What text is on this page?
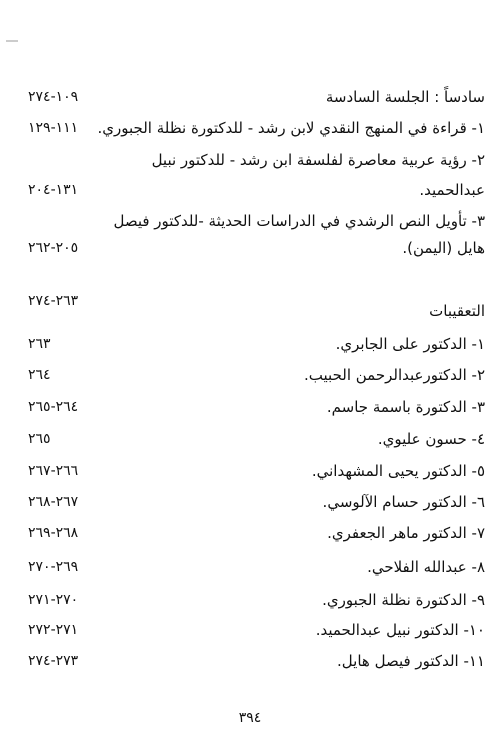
سادساً : الجلسة السادسة
١٠٩-٢٧٤
١- قراءة في المنهج النقدي لابن رشد - للدكتورة نظلة الجبوري.
١١١-١٢٩
٢- رؤية عربية معاصرة لفلسفة ابن رشد - للدكتور نبيل
عبدالحميد.
١٣١-٢٠٤
٣- تأويل النص الرشدي في الدراسات الحديثة -للدكتور فيصل
هايل (اليمن).
٢٠٥-٢٦٢
التعقيبات
٢٦٣-٢٧٤
١- الدكتور على الجابري.
٢٦٣
٢- الدكتورعبدالرحمن الحبيب.
٢٦٤
٣- الدكتورة باسمة جاسم.
٢٦٤-٢٦٥
٤- حسون عليوي.
٢٦٥
٥- الدكتور يحيى المشهداني.
٢٦٦-٢٦٧
٦- الدكتور حسام الآلوسي.
٢٦٧-٢٦٨
٧- الدكتور ماهر الجعفري.
٢٦٨-٢٦٩
٨- عبدالله الفلاحي.
٢٦٩-٢٧٠
٩- الدكتورة نظلة الجبوري.
٢٧٠-٢٧١
١٠- الدكتور نبيل عبدالحميد.
٢٧١-٢٧٢
١١- الدكتور فيصل هايل.
٢٧٣-٢٧٤
٣٩٤
